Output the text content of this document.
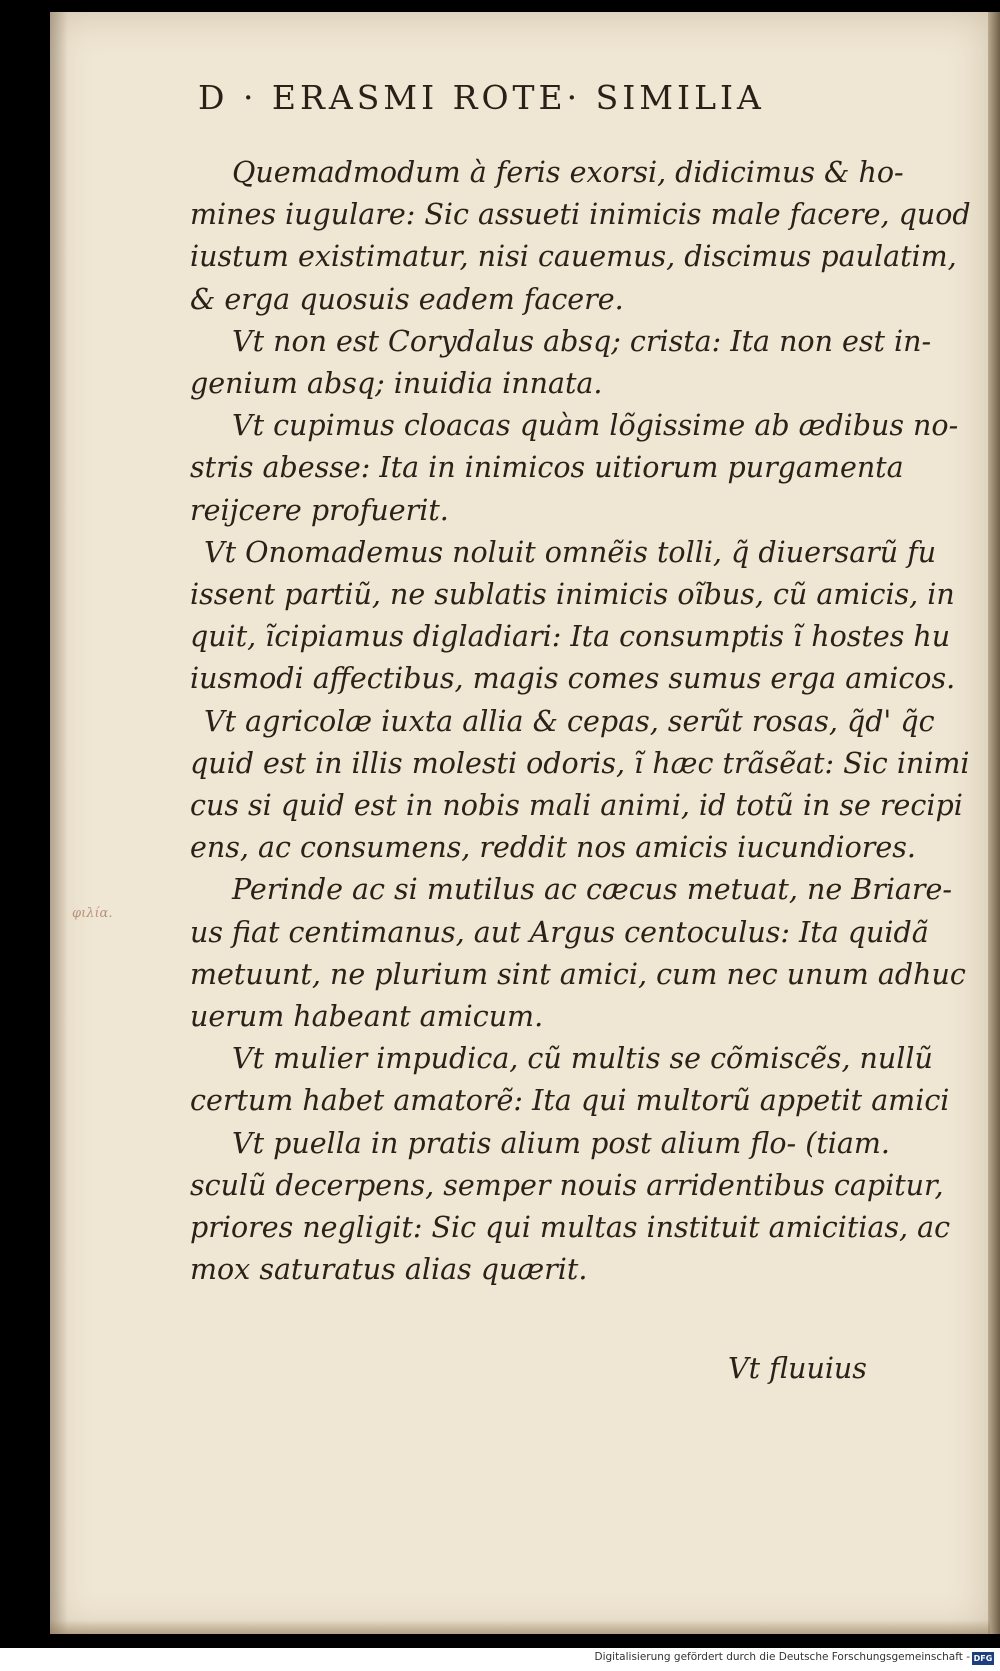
D · ERASMI ROTE· SIMILIA
φιλία.
Quemadmodum à feris exorsi, didicimus & ho-
mines iugulare: Sic assueti inimicis male facere, quod
iustum existimatur, nisi cauemus, discimus paulatim,
& erga quosuis eadem facere.
Vt non est Corydalus absq; crista: Ita non est in-
genium absq; inuidia innata.
Vt cupimus cloacas quàm lõgissime ab ædibus no-
stris abesse: Ita in inimicos uitiorum purgamenta
reijcere profuerit.
Vt Onomademus noluit omnẽis tolli, q̃ diuersarũ fu
issent partiũ, ne sublatis inimicis oĩbus, cũ amicis, in
quit, ĩcipiamus digladiari: Ita consumptis ĩ hostes hu
iusmodi affectibus, magis comes sumus erga amicos.
Vt agricolæ iuxta allia & cepas, serũt rosas, q̃d' q̃c
quid est in illis molesti odoris, ĩ hæc trãsẽat: Sic inimi
cus si quid est in nobis mali animi, id totũ in se recipi
ens, ac consumens, reddit nos amicis iucundiores.
Perinde ac si mutilus ac cæcus metuat, ne Briare-
us fiat centimanus, aut Argus centoculus: Ita quidã
metuunt, ne plurium sint amici, cum nec unum adhuc
uerum habeant amicum.
Vt mulier impudica, cũ multis se cõmiscẽs, nullũ
certum habet amatorẽ: Ita qui multorũ appetit amici
Vt puella in pratis alium post alium flo- (tiam.
sculũ decerpens, semper nouis arridentibus capitur,
priores negligit: Sic qui multas instituit amicitias, ac
mox saturatus alias quærit.
Vt fluuius
Digitalisierung gefördert durch die Deutsche Forschungsgemeinschaft - DFG
